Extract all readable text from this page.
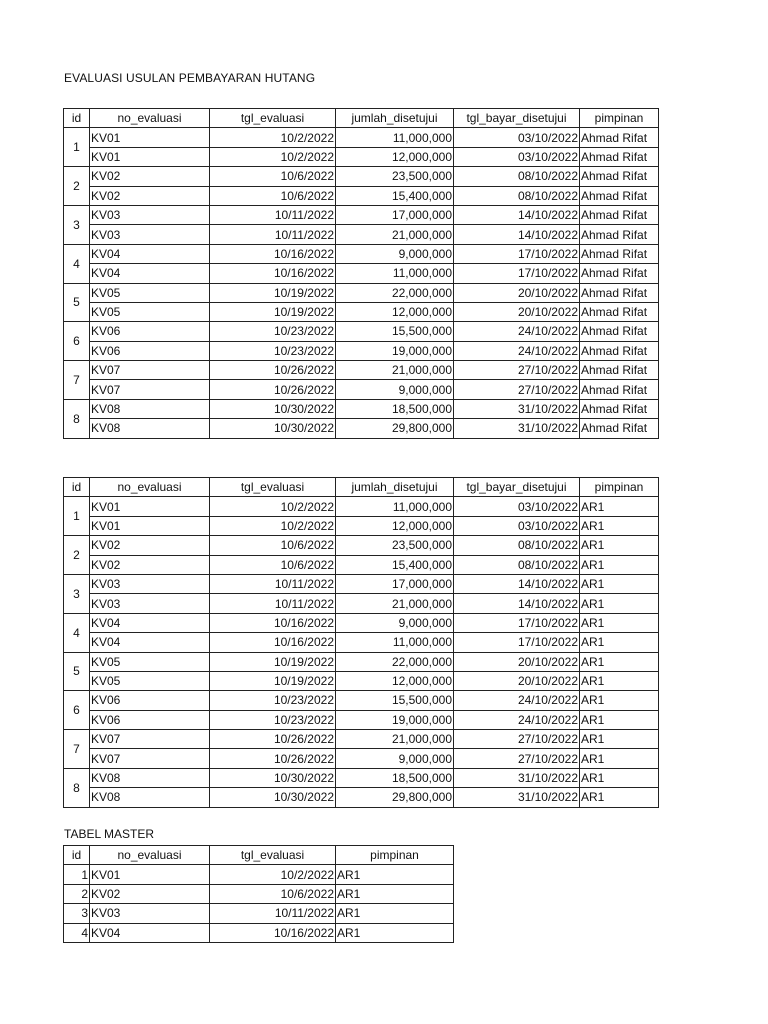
EVALUASI USULAN PEMBAYARAN HUTANG
id	no_evaluasi	tgl_evaluasi	jumlah_disetujui	tgl_bayar_disetujui	pimpinan
1	KV01	10/2/2022	11,000,000	03/10/2022	Ahmad Rifat
	KV01	10/2/2022	12,000,000	03/10/2022	Ahmad Rifat
2	KV02	10/6/2022	23,500,000	08/10/2022	Ahmad Rifat
	KV02	10/6/2022	15,400,000	08/10/2022	Ahmad Rifat
3	KV03	10/11/2022	17,000,000	14/10/2022	Ahmad Rifat
	KV03	10/11/2022	21,000,000	14/10/2022	Ahmad Rifat
4	KV04	10/16/2022	9,000,000	17/10/2022	Ahmad Rifat
	KV04	10/16/2022	11,000,000	17/10/2022	Ahmad Rifat
5	KV05	10/19/2022	22,000,000	20/10/2022	Ahmad Rifat
	KV05	10/19/2022	12,000,000	20/10/2022	Ahmad Rifat
6	KV06	10/23/2022	15,500,000	24/10/2022	Ahmad Rifat
	KV06	10/23/2022	19,000,000	24/10/2022	Ahmad Rifat
7	KV07	10/26/2022	21,000,000	27/10/2022	Ahmad Rifat
	KV07	10/26/2022	9,000,000	27/10/2022	Ahmad Rifat
8	KV08	10/30/2022	18,500,000	31/10/2022	Ahmad Rifat
	KV08	10/30/2022	29,800,000	31/10/2022	Ahmad Rifat
id	no_evaluasi	tgl_evaluasi	jumlah_disetujui	tgl_bayar_disetujui	pimpinan
1	KV01	10/2/2022	11,000,000	03/10/2022	AR1
	KV01	10/2/2022	12,000,000	03/10/2022	AR1
2	KV02	10/6/2022	23,500,000	08/10/2022	AR1
	KV02	10/6/2022	15,400,000	08/10/2022	AR1
3	KV03	10/11/2022	17,000,000	14/10/2022	AR1
	KV03	10/11/2022	21,000,000	14/10/2022	AR1
4	KV04	10/16/2022	9,000,000	17/10/2022	AR1
	KV04	10/16/2022	11,000,000	17/10/2022	AR1
5	KV05	10/19/2022	22,000,000	20/10/2022	AR1
	KV05	10/19/2022	12,000,000	20/10/2022	AR1
6	KV06	10/23/2022	15,500,000	24/10/2022	AR1
	KV06	10/23/2022	19,000,000	24/10/2022	AR1
7	KV07	10/26/2022	21,000,000	27/10/2022	AR1
	KV07	10/26/2022	9,000,000	27/10/2022	AR1
8	KV08	10/30/2022	18,500,000	31/10/2022	AR1
	KV08	10/30/2022	29,800,000	31/10/2022	AR1
TABEL MASTER
id	no_evaluasi	tgl_evaluasi	pimpinan
1	KV01	10/2/2022	AR1
2	KV02	10/6/2022	AR1
3	KV03	10/11/2022	AR1
4	KV04	10/16/2022	AR1
